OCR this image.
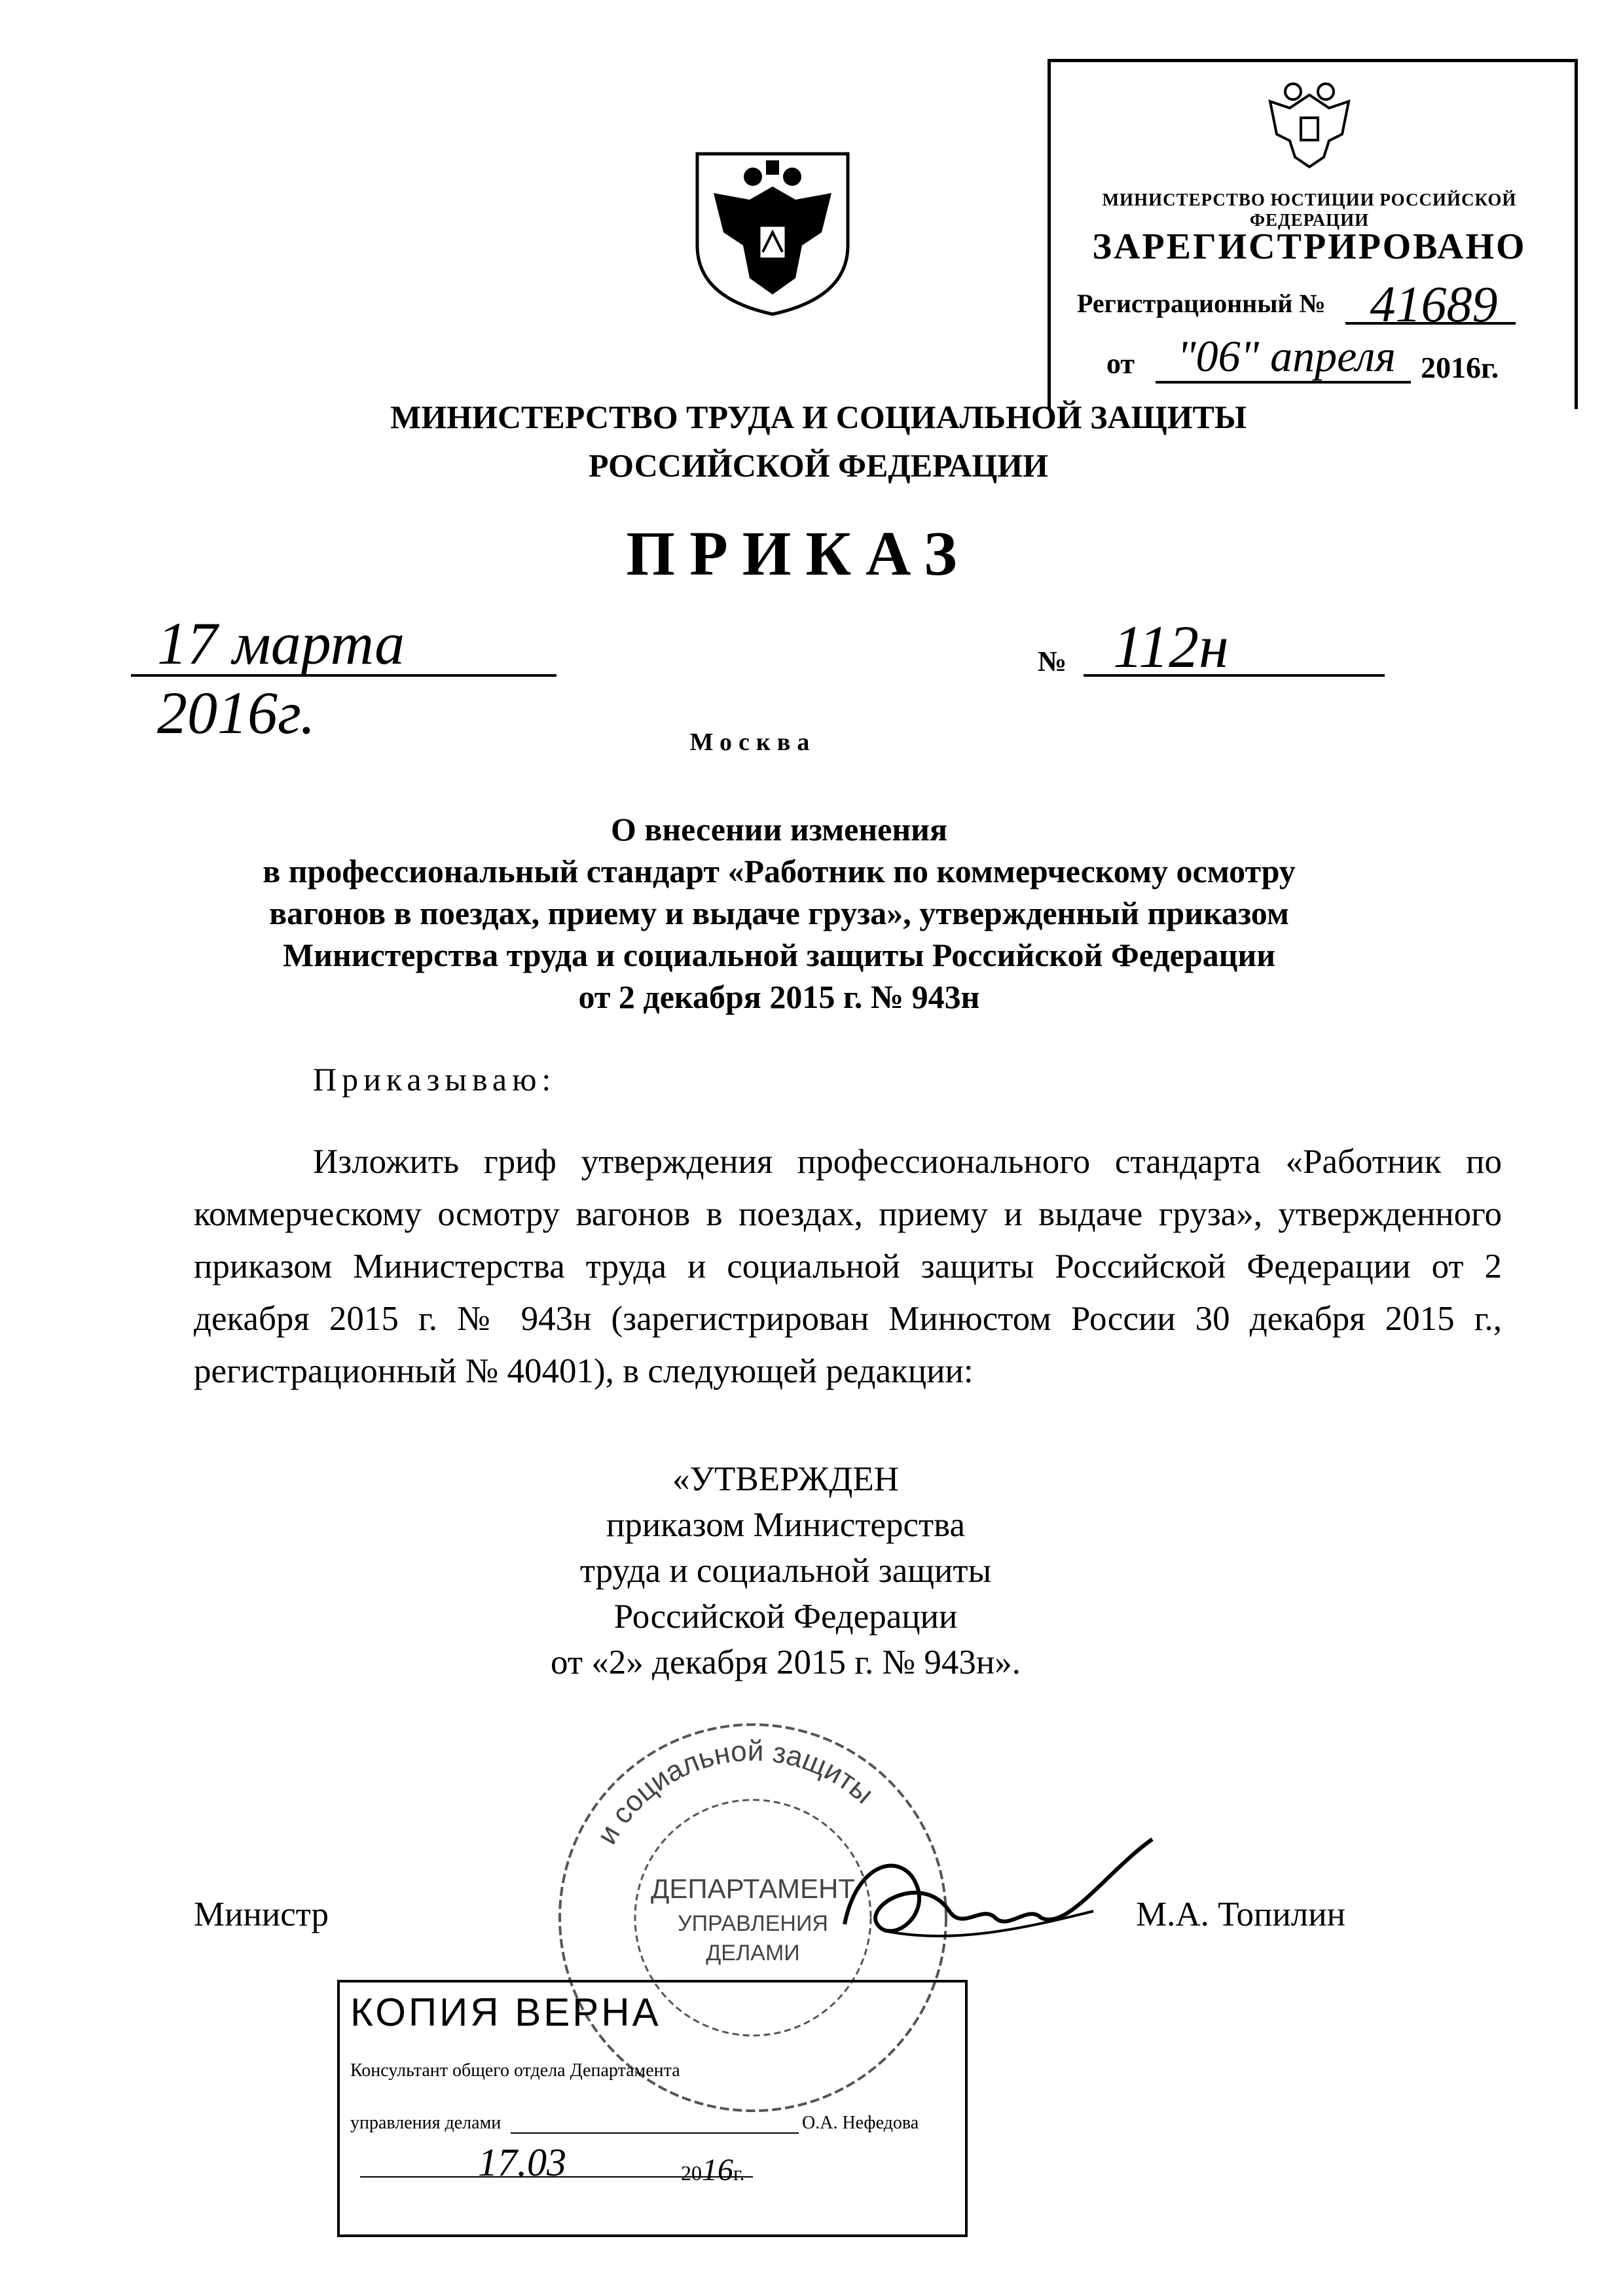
МИНИСТЕРСТВО ЮСТИЦИИ РОССИЙСКОЙ ФЕДЕРАЦИИ
ЗАРЕГИСТРИРОВАНО
Регистрационный № 41689
от "06" апреля 2016г.
МИНИСТЕРСТВО ТРУДА И СОЦИАЛЬНОЙ ЗАЩИТЫ
РОССИЙСКОЙ ФЕДЕРАЦИИ
ПРИКАЗ
17 марта 2016г.
№ 112н
Москва
О внесении изменения
в профессиональный стандарт «Работник по коммерческому осмотру
вагонов в поездах, приему и выдаче груза», утвержденный приказом
Министерства труда и социальной защиты Российской Федерации
от 2 декабря 2015 г. № 943н
Приказываю:
Изложить гриф утверждения профессионального стандарта «Работник по коммерческому осмотру вагонов в поездах, приему и выдаче груза», утвержденного приказом Министерства труда и социальной защиты Российской Федерации от 2 декабря 2015 г. № 943н (зарегистрирован Минюстом России 30 декабря 2015 г., регистрационный № 40401), в следующей редакции:
«УТВЕРЖДЕН
приказом Министерства
труда и социальной защиты
Российской Федерации
от «2» декабря 2015 г. № 943н».
и социальной защиты
ДЕПАРТАМЕНТ
УПРАВЛЕНИЯ
ДЕЛАМИ
Министр	М.А. Топилин
КОПИЯ ВЕРНА
Консультант общего отдела Департамента
управления делами	О.А. Нефедова
17.03	2016г.
